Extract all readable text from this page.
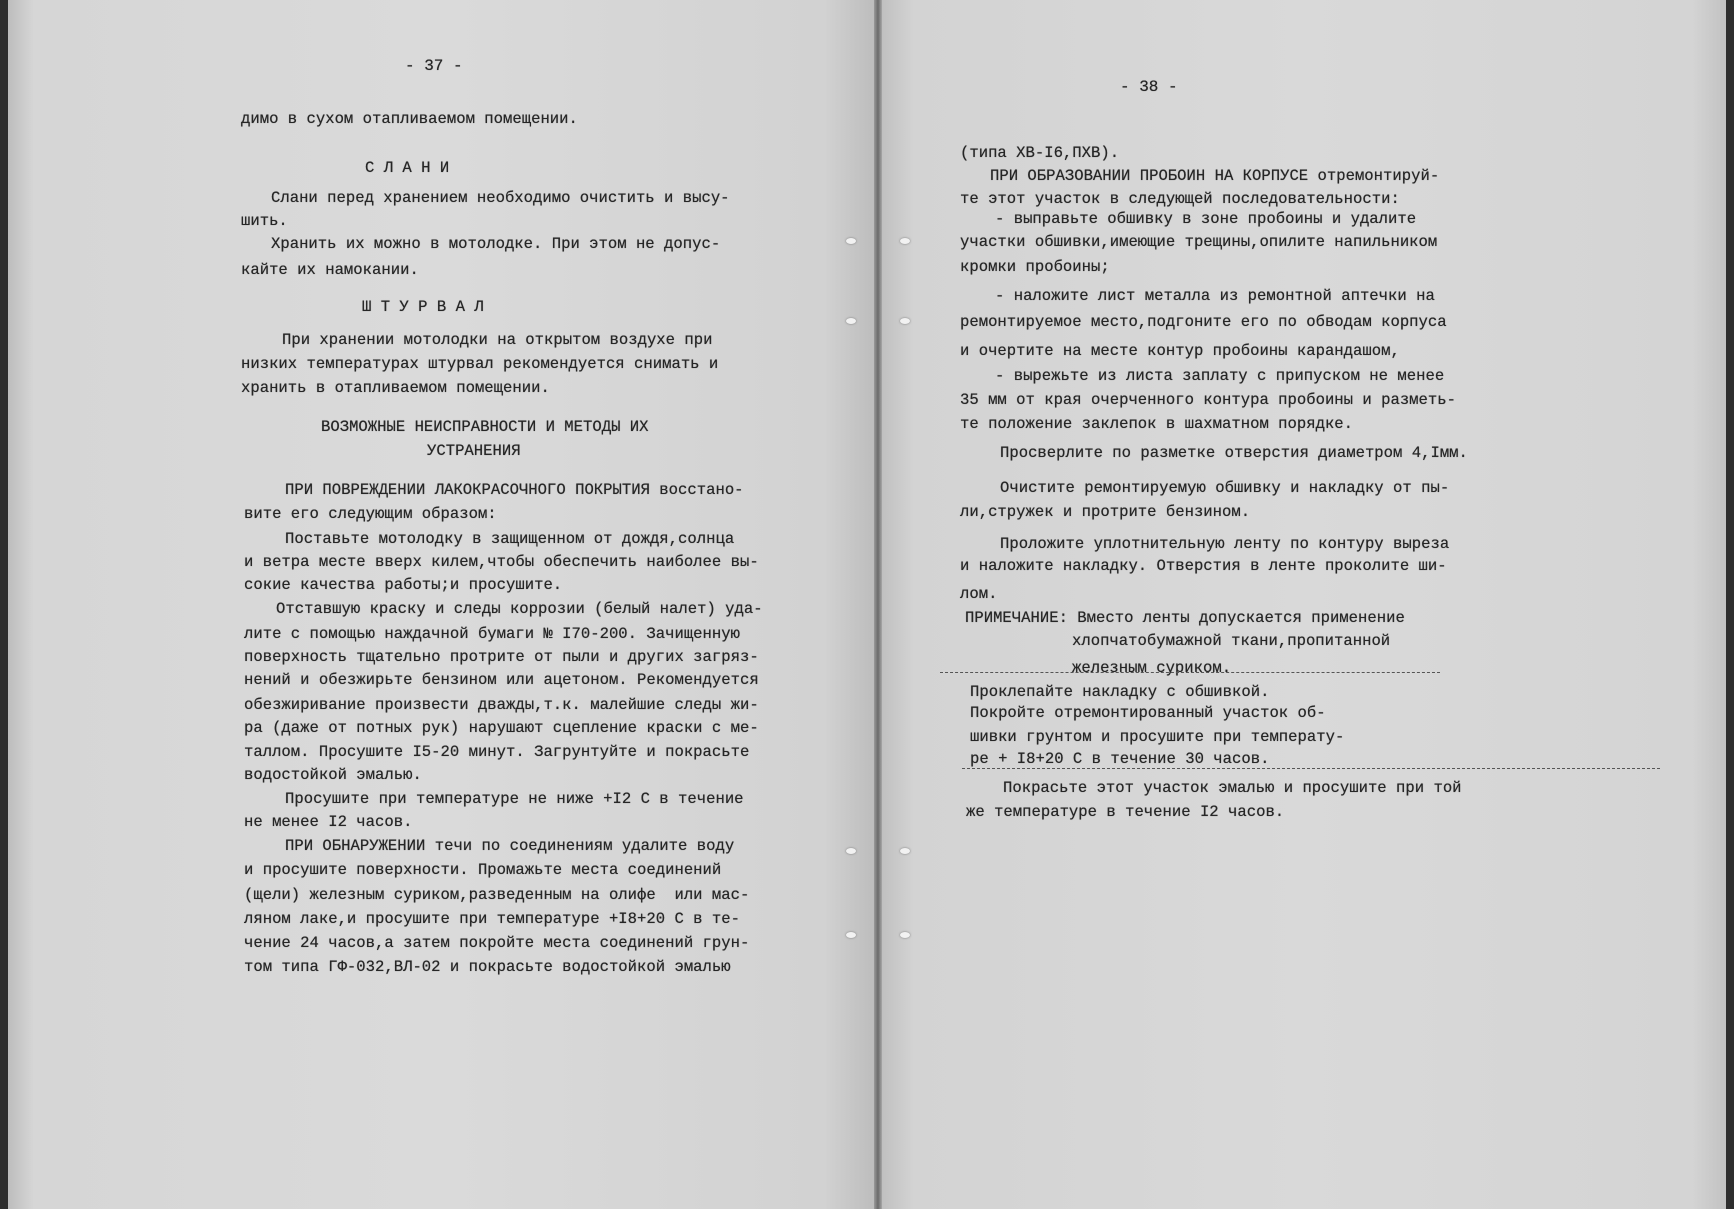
- 37 -
димо в сухом отапливаемом помещении.
С Л А Н И
Слани перед хранением необходимо очистить и высу-
шить.
Хранить их можно в мотолодке. При этом не допус-
кайте их намокании.
Ш Т У Р В А Л
При хранении мотолодки на открытом воздухе при
низких температурах штурвал рекомендуется снимать и
хранить в отапливаемом помещении.
ВОЗМОЖНЫЕ НЕИСПРАВНОСТИ И МЕТОДЫ ИХ
УСТРАНЕНИЯ
ПРИ ПОВРЕЖДЕНИИ ЛАКОКРАСОЧНОГО ПОКРЫТИЯ восстано-
вите его следующим образом:
Поставьте мотолодку в защищенном от дождя,солнца
и ветра месте вверх килем,чтобы обеспечить наиболее вы-
сокие качества работы;и просушите.
Отставшую краску и следы коррозии (белый налет) уда-
лите с помощью наждачной бумаги № I70-200. Зачищенную
поверхность тщательно протрите от пыли и других загряз-
нений и обезжирьте бензином или ацетоном. Рекомендуется
обезжиривание произвести дважды,т.к. малейшие следы жи-
ра (даже от потных рук) нарушают сцепление краски с ме-
таллом. Просушите I5-20 минут. Загрунтуйте и покрасьте
водостойкой эмалью.
Просушите при температуре не ниже +I2 С в течение
не менее I2 часов.
ПРИ ОБНАРУЖЕНИИ течи по соединениям удалите воду
и просушите поверхности. Промажьте места соединений
(щели) железным суриком,разведенным на олифе  или мас-
ляном лаке,и просушите при температуре +I8+20 С в те-
чение 24 часов,а затем покройте места соединений грун-
том типа ГФ-032,ВЛ-02 и покрасьте водостойкой эмалью
- 38 -
(типа ХВ-I6,ПХВ).
ПРИ ОБРАЗОВАНИИ ПРОБОИН НА КОРПУСЕ отремонтируй-
те этот участок в следующей последовательности:
- выправьте обшивку в зоне пробоины и удалите
участки обшивки,имеющие трещины,опилите напильником
кромки пробоины;
- наложите лист металла из ремонтной аптечки на
ремонтируемое место,подгоните его по обводам корпуса
и очертите на месте контур пробоины карандашом,
- вырежьте из листа заплату с припуском не менее
35 мм от края очерченного контура пробоины и разметь-
те положение заклепок в шахматном порядке.
Просверлите по разметке отверстия диаметром 4,Iмм.
Очистите ремонтируемую обшивку и накладку от пы-
ли,стружек и протрите бензином.
Проложите уплотнительную ленту по контуру выреза
и наложите накладку. Отверстия в ленте проколите ши-
лом.
ПРИМЕЧАНИЕ: Вместо ленты допускается применение
хлопчатобумажной ткани,пропитанной
железным суриком.
Проклепайте накладку с обшивкой.
Покройте отремонтированный участок об-
шивки грунтом и просушите при температу-
ре + I8+20 С в течение 30 часов.
Покрасьте этот участок эмалью и просушите при той
же температуре в течение I2 часов.
